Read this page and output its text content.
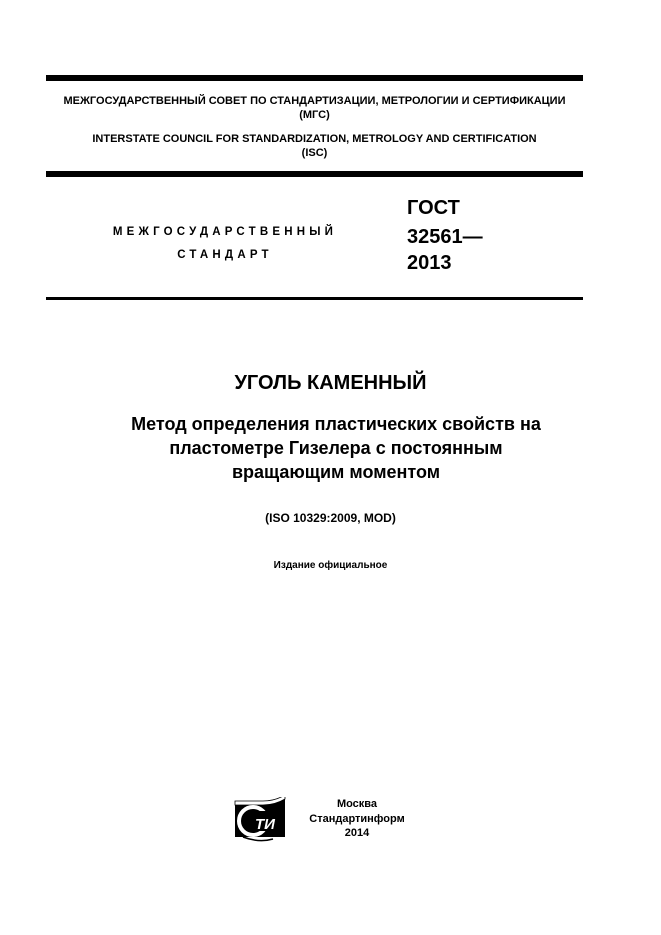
МЕЖГОСУДАРСТВЕННЫЙ СОВЕТ ПО СТАНДАРТИЗАЦИИ, МЕТРОЛОГИИ И СЕРТИФИКАЦИИ
(МГС)
INTERSTATE COUNCIL FOR STANDARDIZATION, METROLOGY AND CERTIFICATION
(ISC)
МЕЖГОСУДАРСТВЕННЫЙ
СТАНДАРТ
ГОСТ
32561—
2013
УГОЛЬ КАМЕННЫЙ
Метод определения пластических свойств на
пластометре Гизелера с постоянным
вращающим моментом
(ISO 10329:2009, MOD)
Издание официальное
ТИ
Москва
Стандартинформ
2014
